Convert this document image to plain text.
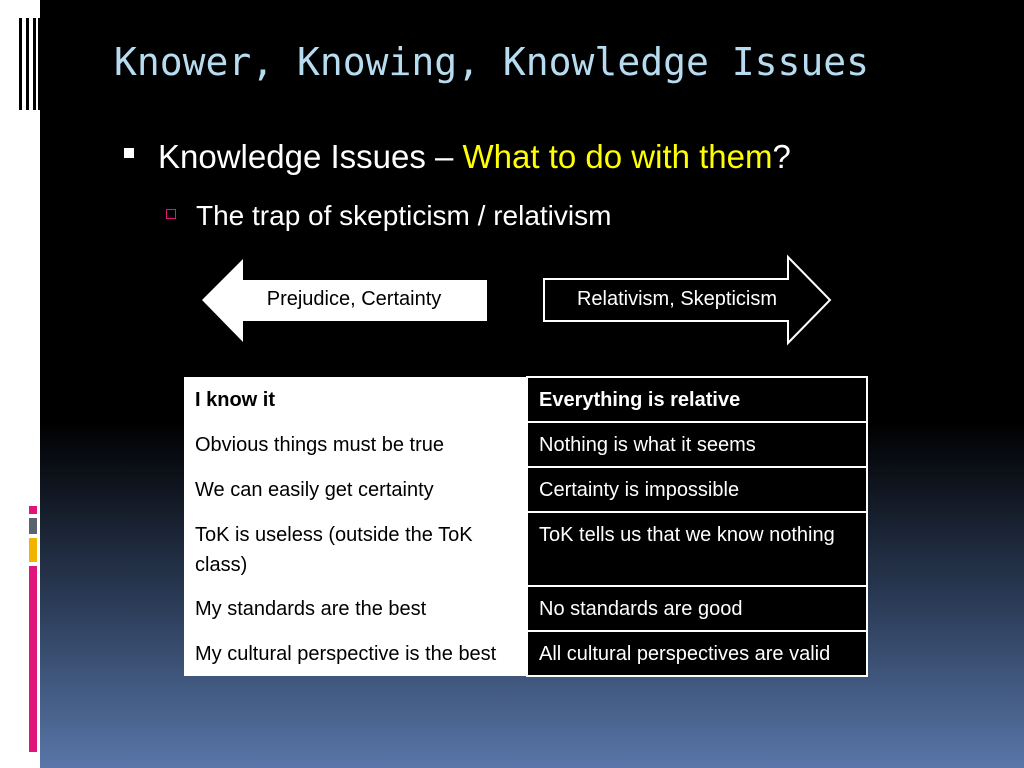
Knower, Knowing, Knowledge Issues
Knowledge Issues – What to do with them?
The trap of skepticism / relativism
Prejudice, Certainty	Relativism, Skepticism
I know it	Everything is relative
Obvious things must be true	Nothing is what it seems
We can easily get certainty	Certainty is impossible
ToK is useless (outside the ToK class)	ToK tells us that we know nothing
My standards are the best	No standards are good
My cultural perspective is the best	All cultural perspectives are valid
